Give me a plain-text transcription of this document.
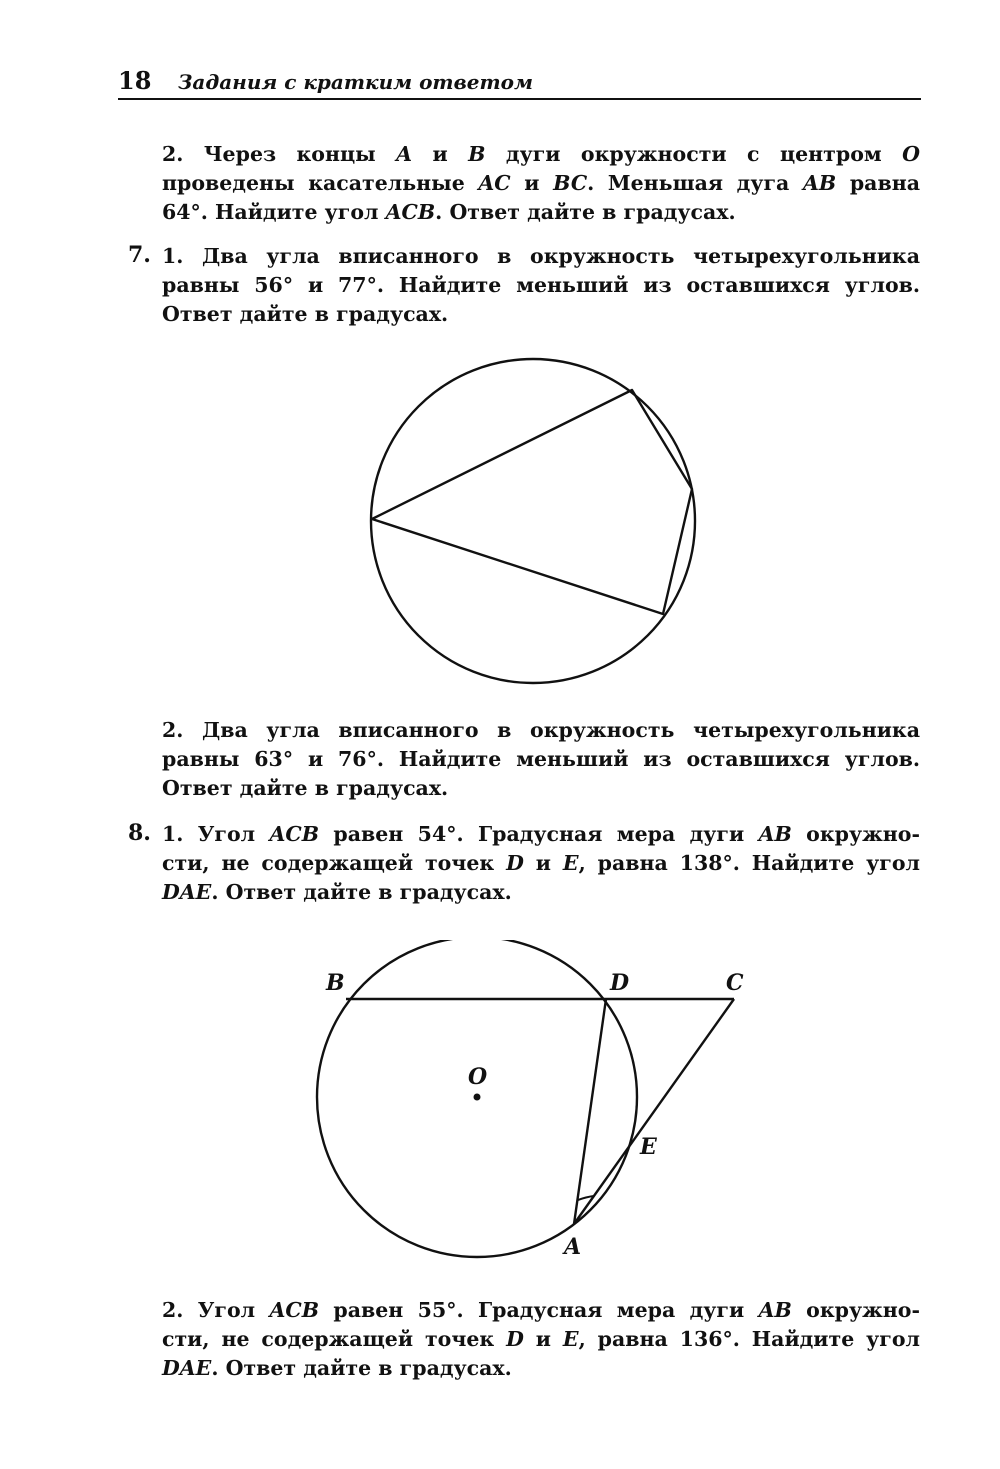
18 Задания с кратким ответом
2. Через концы A и B дуги окружности с центром O
проведены касательные AC и BC. Меньшая дуга AB равна
64°. Найдите угол ACB. Ответ дайте в градусах.
7. 1. Два угла вписанного в окружность четырехугольника
равны 56° и 77°. Найдите меньший из оставшихся углов.
Ответ дайте в градусах.
2. Два угла вписанного в окружность четырехугольника
равны 63° и 76°. Найдите меньший из оставшихся углов.
Ответ дайте в градусах.
8. 1. Угол ACB равен 54°. Градусная мера дуги AB окружно-
сти, не содержащей точек D и E, равна 138°. Найдите угол
DAE. Ответ дайте в градусах.
B	D	C
O
E
A
2. Угол ACB равен 55°. Градусная мера дуги AB окружно-
сти, не содержащей точек D и E, равна 136°. Найдите угол
DAE. Ответ дайте в градусах.
